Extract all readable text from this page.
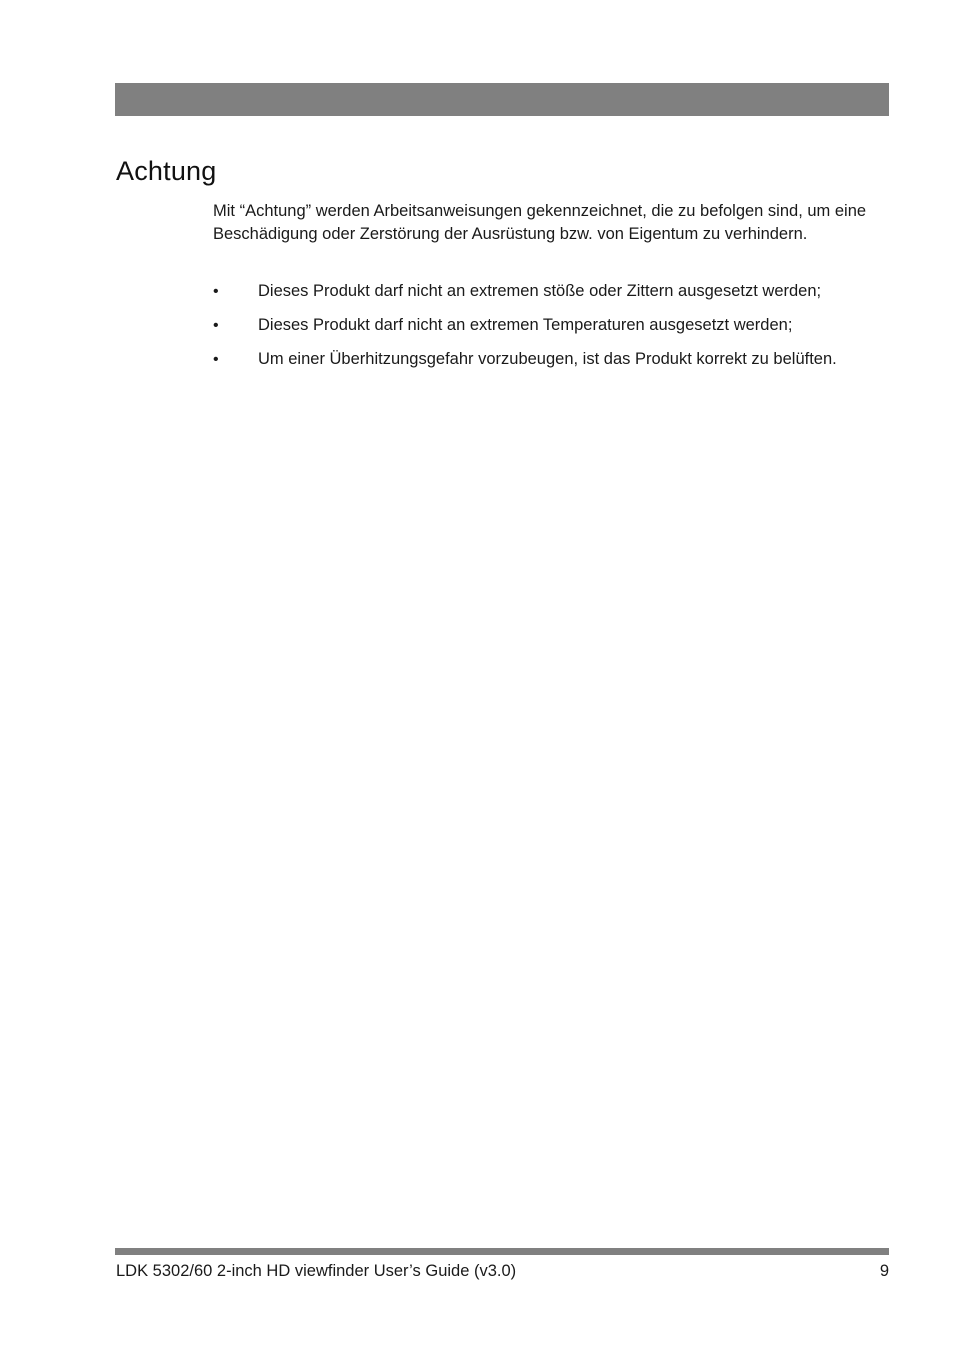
Achtung

Mit “Achtung” werden Arbeitsanweisungen gekennzeichnet, die zu befolgen sind, um eine Beschädigung oder Zerstörung der Ausrüstung bzw. von Eigentum zu verhindern.

•	Dieses Produkt darf nicht an extremen stöße oder Zittern ausgesetzt werden;
•	Dieses Produkt darf nicht an extremen Temperaturen ausgesetzt werden;
•	Um einer Überhitzungsgefahr vorzubeugen, ist das Produkt korrekt zu belüften.
LDK 5302/60 2-inch HD viewfinder User’s Guide (v3.0)	9
